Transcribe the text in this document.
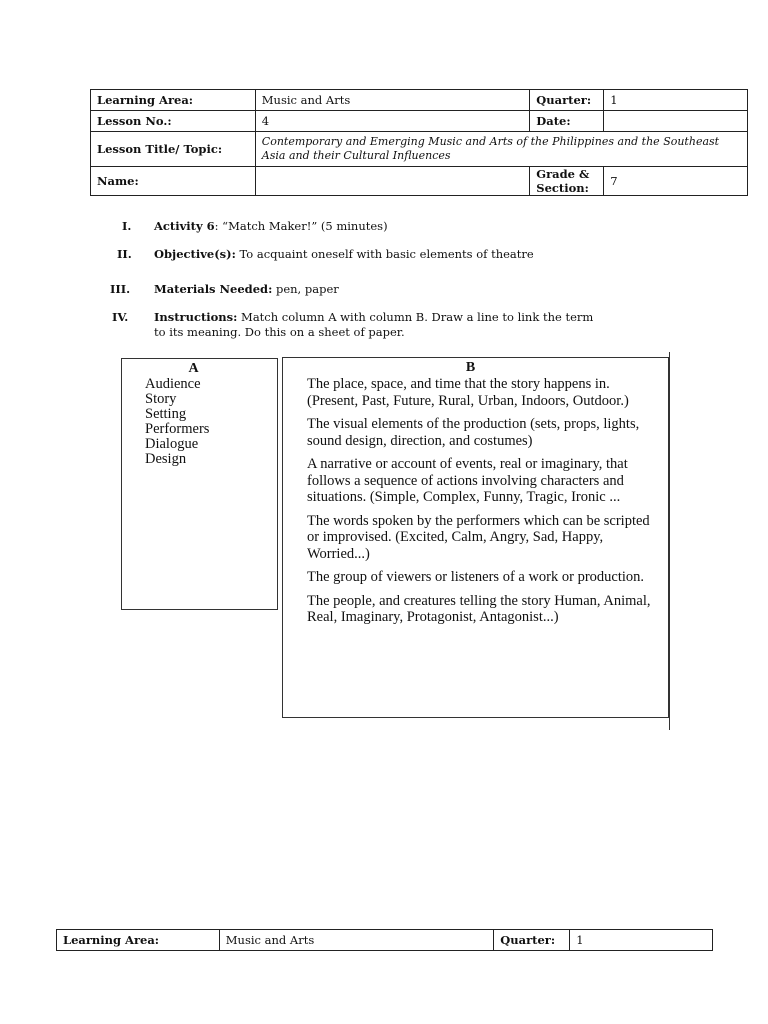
Learning Area:	Music and Arts	Quarter:	1
Lesson No.:	4	Date:	
Lesson Title/ Topic:	Contemporary and Emerging Music and Arts of the Philippines and the Southeast Asia and their Cultural Influences		
Name:		Grade & Section:	7
I. Activity 6: “Match Maker!” (5 minutes)
II. Objective(s): To acquaint oneself with basic elements of theatre
III. Materials Needed: pen, paper
IV. Instructions: Match column A with column B. Draw a line to link the term to its meaning. Do this on a sheet of paper.
A
Audience
Story
Setting
Performers
Dialogue
Design
B
The place, space, and time that the story happens in. (Present, Past, Future, Rural, Urban, Indoors, Outdoor.)
The visual elements of the production (sets, props, lights, sound design, direction, and costumes)
A narrative or account of events, real or imaginary, that follows a sequence of actions involving characters and situations. (Simple, Complex, Funny, Tragic, Ironic ...
The words spoken by the performers which can be scripted or improvised. (Excited, Calm, Angry, Sad, Happy, Worried...)
The group of viewers or listeners of a work or production.
The people, and creatures telling the story Human, Animal, Real, Imaginary, Protagonist, Antagonist...)
Learning Area:	Music and Arts	Quarter:	1
